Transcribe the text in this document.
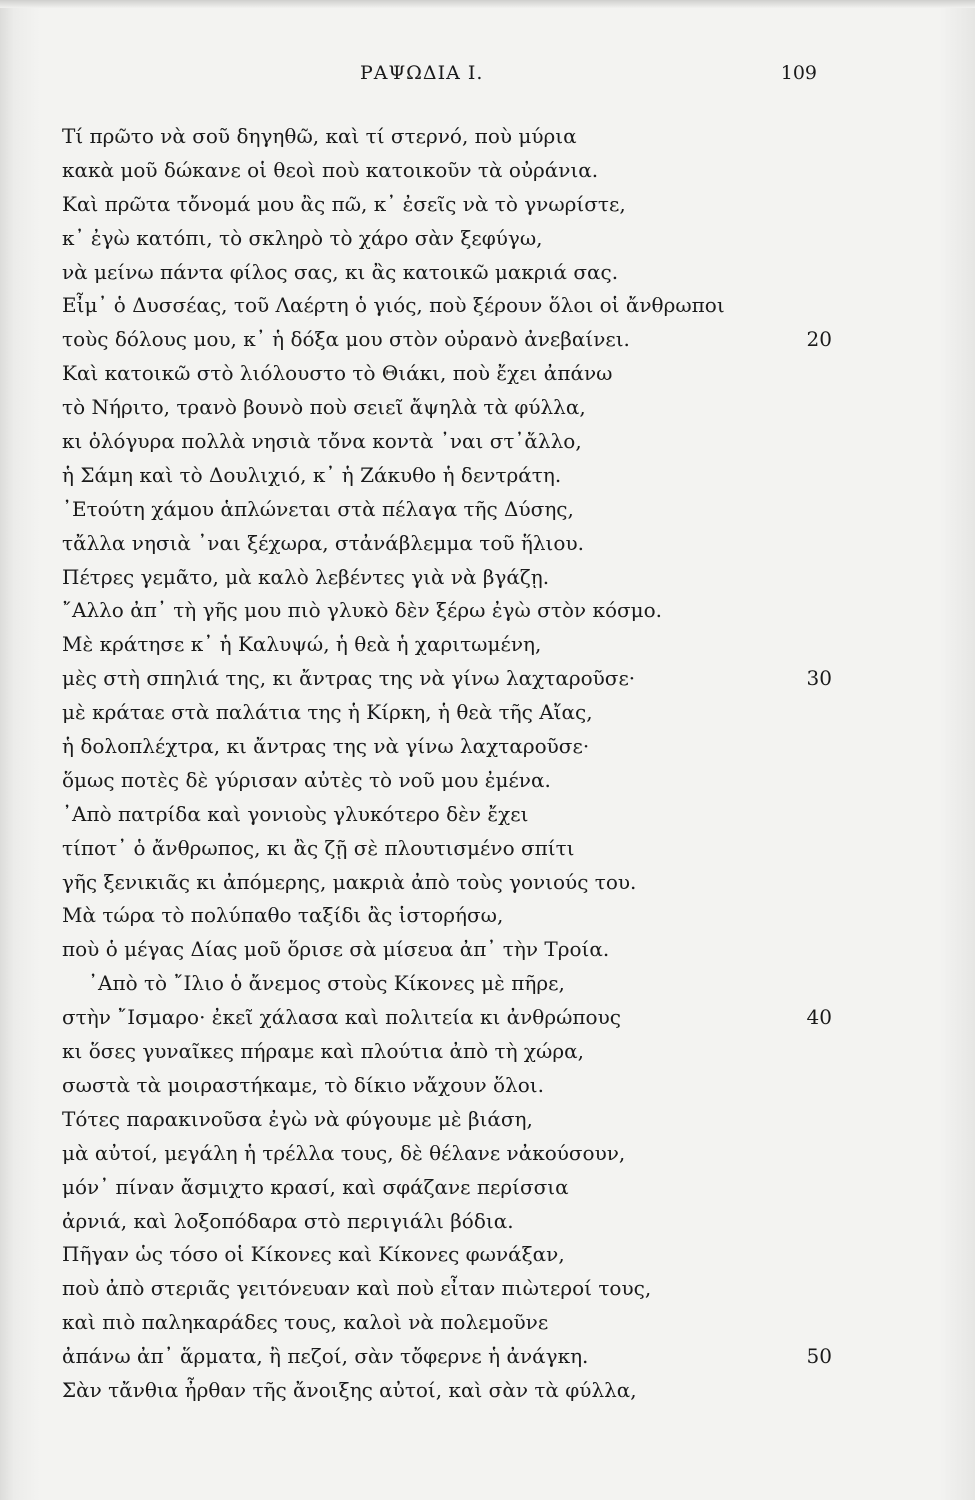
ΡΑΨΩΔΙΑ Ι.	109
Τί πρῶτο νὰ σοῦ δηγηθῶ, καὶ τί στερνό, ποὺ μύρια
κακὰ μοῦ δώκανε οἱ θεοὶ ποὺ κατοικοῦν τὰ οὐράνια.
Καὶ πρῶτα τὄνομά μου ἂς πῶ, κ᾽ ἐσεῖς νὰ τὸ γνωρίστε,
κ᾽ ἐγὼ κατόπι, τὸ σκληρὸ τὸ χάρο σὰν ξεφύγω,
νὰ μείνω πάντα φίλος σας, κι ἂς κατοικῶ μακριά σας.
Εἶμ᾽ ὁ Δυσσέας, τοῦ Λαέρτη ὁ γιός, ποὺ ξέρουν ὅλοι οἱ ἄνθρωποι
τοὺς δόλους μου, κ᾽ ἡ δόξα μου στὸν οὐρανὸ ἀνεβαίνει.	20
Καὶ κατοικῶ στὸ λιόλουστο τὸ Θιάκι, ποὺ ἔχει ἀπάνω
τὸ Νήριτο, τρανὸ βουνὸ ποὺ σειεῖ ἄψηλὰ τὰ φύλλα,
κι ὁλόγυρα πολλὰ νησιὰ τὄνα κοντὰ ᾽ναι στ᾽ἄλλο,
ἡ Σάμη καὶ τὸ Δουλιχιό, κ᾽ ἡ Ζάκυθο ἡ δεντράτη.
᾽Ετούτη χάμου ἁπλώνεται στὰ πέλαγα τῆς Δύσης,
τἄλλα νησιὰ ᾽ναι ξέχωρα, στἀνάβλεμμα τοῦ ἥλιου.
Πέτρες γεμᾶτο, μὰ καλὸ λεβέντες γιὰ νὰ βγάζῃ.
῎Αλλο ἀπ᾽ τὴ γῆς μου πιὸ γλυκὸ δὲν ξέρω ἐγὼ στὸν κόσμο.
Μὲ κράτησε κ᾽ ἡ Καλυψώ, ἡ θεὰ ἡ χαριτωμένη,
μὲς στὴ σπηλιά της, κι ἄντρας της νὰ γίνω λαχταροῦσε·	30
μὲ κράταε στὰ παλάτια της ἡ Κίρκη, ἡ θεὰ τῆς Αἴας,
ἡ δολοπλέχτρα, κι ἄντρας της νὰ γίνω λαχταροῦσε·
ὅμως ποτὲς δὲ γύρισαν αὐτὲς τὸ νοῦ μου ἐμένα.
᾽Απὸ πατρίδα καὶ γονιοὺς γλυκότερο δὲν ἔχει
τίποτ᾽ ὁ ἄνθρωπος, κι ἂς ζῇ σὲ πλουτισμένο σπίτι
γῆς ξενικιᾶς κι ἀπόμερης, μακριὰ ἀπὸ τοὺς γονιούς του.
Μὰ τώρα τὸ πολύπαθο ταξίδι ἂς ἱστορήσω,
ποὺ ὁ μέγας Δίας μοῦ ὅρισε σὰ μίσευα ἀπ᾽ τὴν Τροία.
᾽Απὸ τὸ ῎Ιλιο ὁ ἄνεμος στοὺς Κίκονες μὲ πῆρε,
στὴν ῎Ισμαρο· ἐκεῖ χάλασα καὶ πολιτεία κι ἀνθρώπους	40
κι ὅσες γυναῖκες πήραμε καὶ πλούτια ἀπὸ τὴ χώρα,
σωστὰ τὰ μοιραστήκαμε, τὸ δίκιο νἄχουν ὅλοι.
Τότες παρακινοῦσα ἐγὼ νὰ φύγουμε μὲ βιάση,
μὰ αὐτοί, μεγάλη ἡ τρέλλα τους, δὲ θέλανε νἀκούσουν,
μόν᾽ πίναν ἄσμιχτο κρασί, καὶ σφάζανε περίσσια
ἀρνιά, καὶ λοξοπόδαρα στὸ περιγιάλι βόδια.
Πῆγαν ὡς τόσο οἱ Κίκονες καὶ Κίκονες φωνάξαν,
ποὺ ἀπὸ στεριᾶς γειτόνευαν καὶ ποὺ εἶταν πιὼτεροί τους,
καὶ πιὸ παληκαράδες τους, καλοὶ νὰ πολεμοῦνε
ἀπάνω ἀπ᾽ ἅρματα, ἢ πεζοί, σὰν τὄφερνε ἡ ἀνάγκη.	50
Σὰν τἄνθια ἦρθαν τῆς ἄνοιξης αὐτοί, καὶ σὰν τὰ φύλλα,
